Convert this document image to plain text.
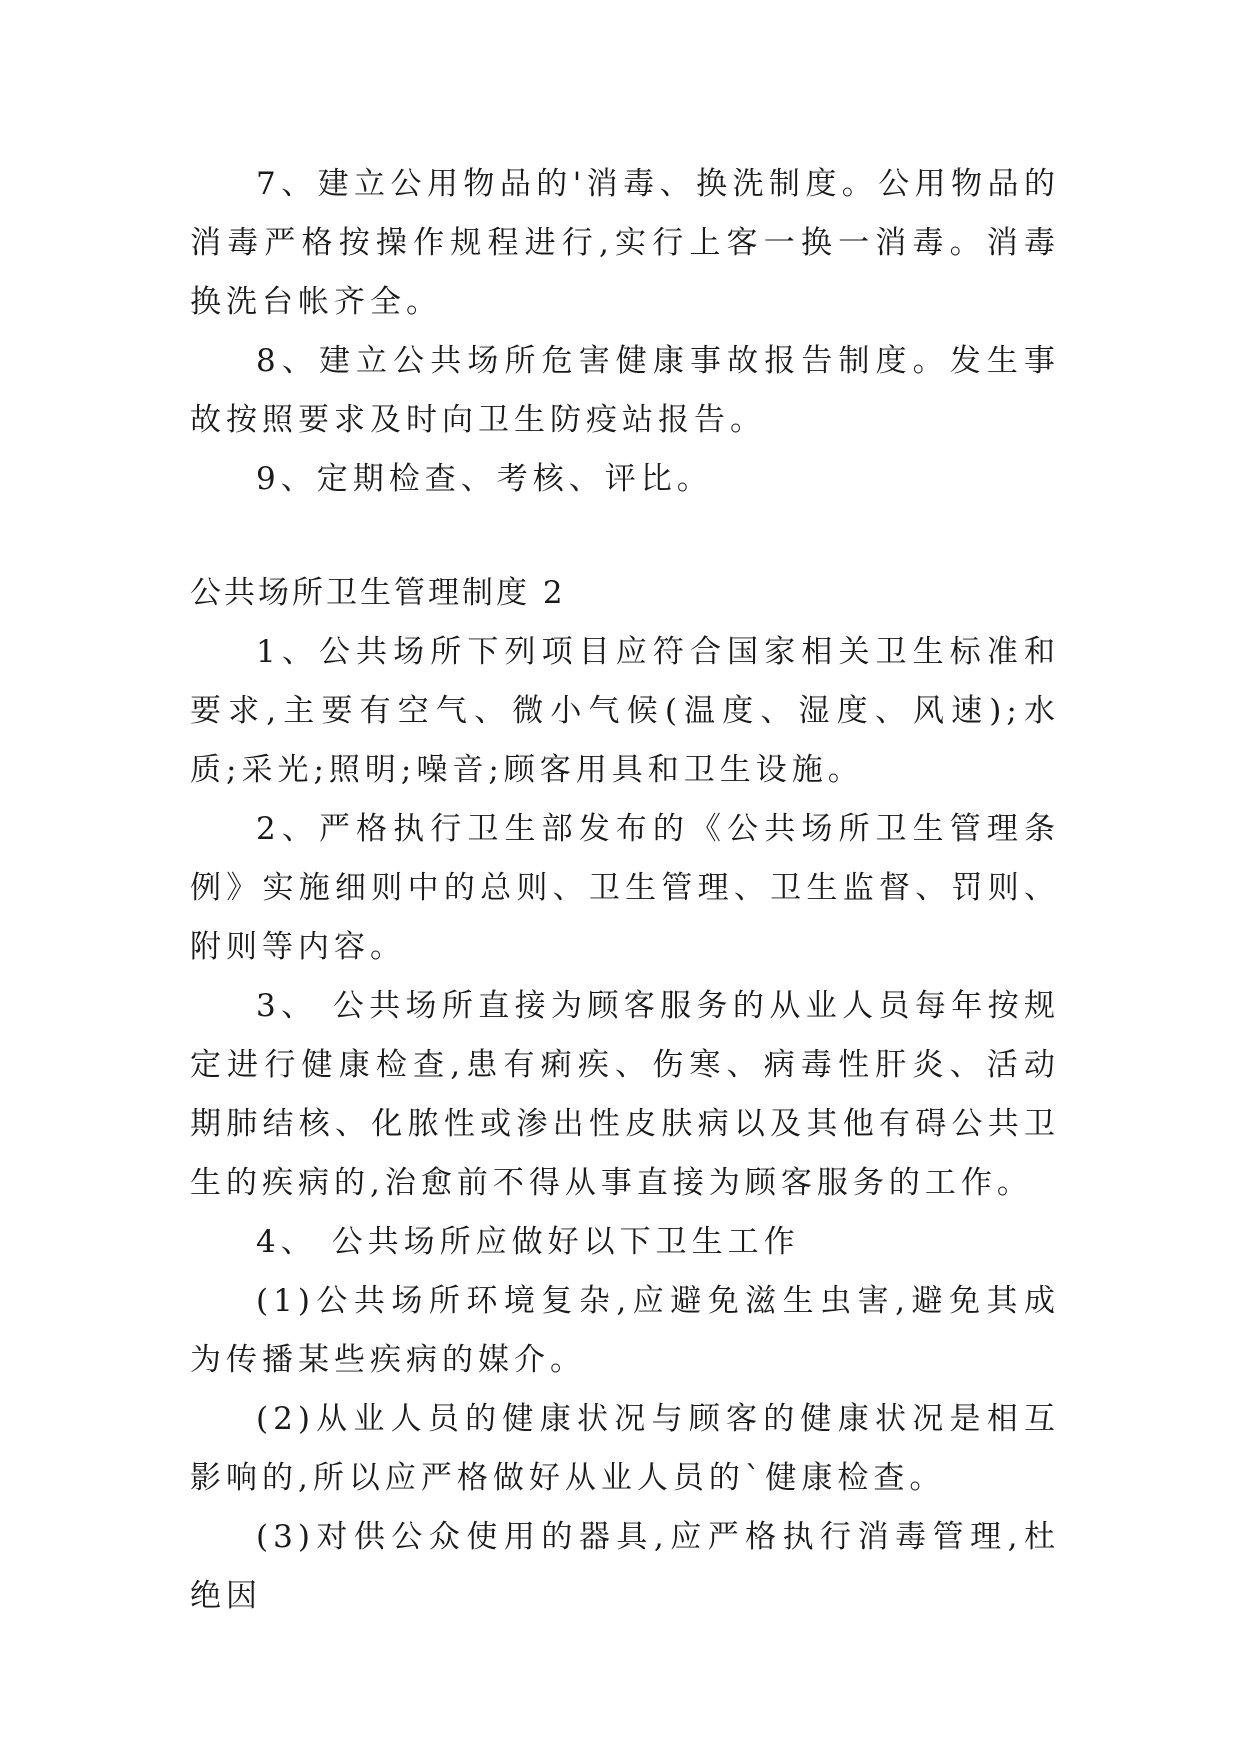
7、建立公用物品的'消毒、换洗制度。公用物品的消毒严格按操作规程进行,实行上客一换一消毒。消毒换洗台帐齐全。

8、建立公共场所危害健康事故报告制度。发生事故按照要求及时向卫生防疫站报告。

9、定期检查、考核、评比。

公共场所卫生管理制度 2

1、公共场所下列项目应符合国家相关卫生标准和要求,主要有空气、微小气候(温度、湿度、风速);水质;采光;照明;噪音;顾客用具和卫生设施。

2、严格执行卫生部发布的《公共场所卫生管理条例》实施细则中的总则、卫生管理、卫生监督、罚则、附则等内容。

3、 公共场所直接为顾客服务的从业人员每年按规定进行健康检查,患有痢疾、伤寒、病毒性肝炎、活动期肺结核、化脓性或渗出性皮肤病以及其他有碍公共卫生的疾病的,治愈前不得从事直接为顾客服务的工作。

4、 公共场所应做好以下卫生工作

(1)公共场所环境复杂,应避免滋生虫害,避免其成为传播某些疾病的媒介。

(2)从业人员的健康状况与顾客的健康状况是相互影响的,所以应严格做好从业人员的`健康检查。

(3)对供公众使用的器具,应严格执行消毒管理,杜绝因
